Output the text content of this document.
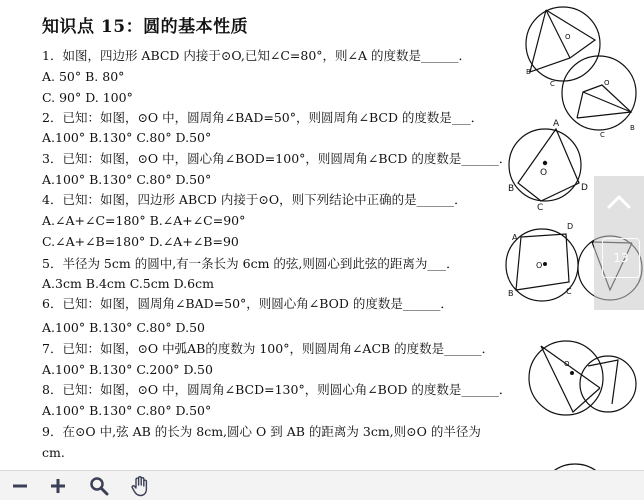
知识点 15：圆的基本性质
1．如图，四边形 ABCD 内接于⊙O,已知∠C=80°，则∠A 的度数是______．
A. 50° B. 80°
C. 90° D. 100°
2．已知：如图，⊙O 中，圆周角∠BAD=50°，则圆周角∠BCD 的度数是___．
A.100° B.130° C.80° D.50°
3．已知：如图，⊙O 中，圆心角∠BOD=100°，则圆周角∠BCD 的度数是______．
A.100° B.130° C.80° D.50°
4．已知：如图，四边形 ABCD 内接于⊙O，则下列结论中正确的是______．
A.∠A+∠C=180° B.∠A+∠C=90°
C.∠A+∠B=180° D.∠A+∠B=90
5．半径为 5cm 的圆中,有一条长为 6cm 的弦,则圆心到此弦的距离为___．
A.3cm B.4cm C.5cm D.6cm
6．已知：如图，圆周角∠BAD=50°，则圆心角∠BOD 的度数是______．
A.100° B.130° C.80° D.50
7．已知：如图，⊙O 中弧AB的度数为 100°，则圆周角∠ACB 的度数是______．
A.100° B.130° C.200° D.50
8．已知：如图，⊙O 中，圆周角∠BCD=130°，则圆心角∠BOD 的度数是______．
A.100° B.130° C.80° D.50°
9．在⊙O 中,弦 AB 的长为 8cm,圆心 O 到 AB 的距离为 3cm,则⊙O 的半径为
cm.
O
B
C	O
B
C
A
B
C
D
O
A
B	C
D
O
O
13
